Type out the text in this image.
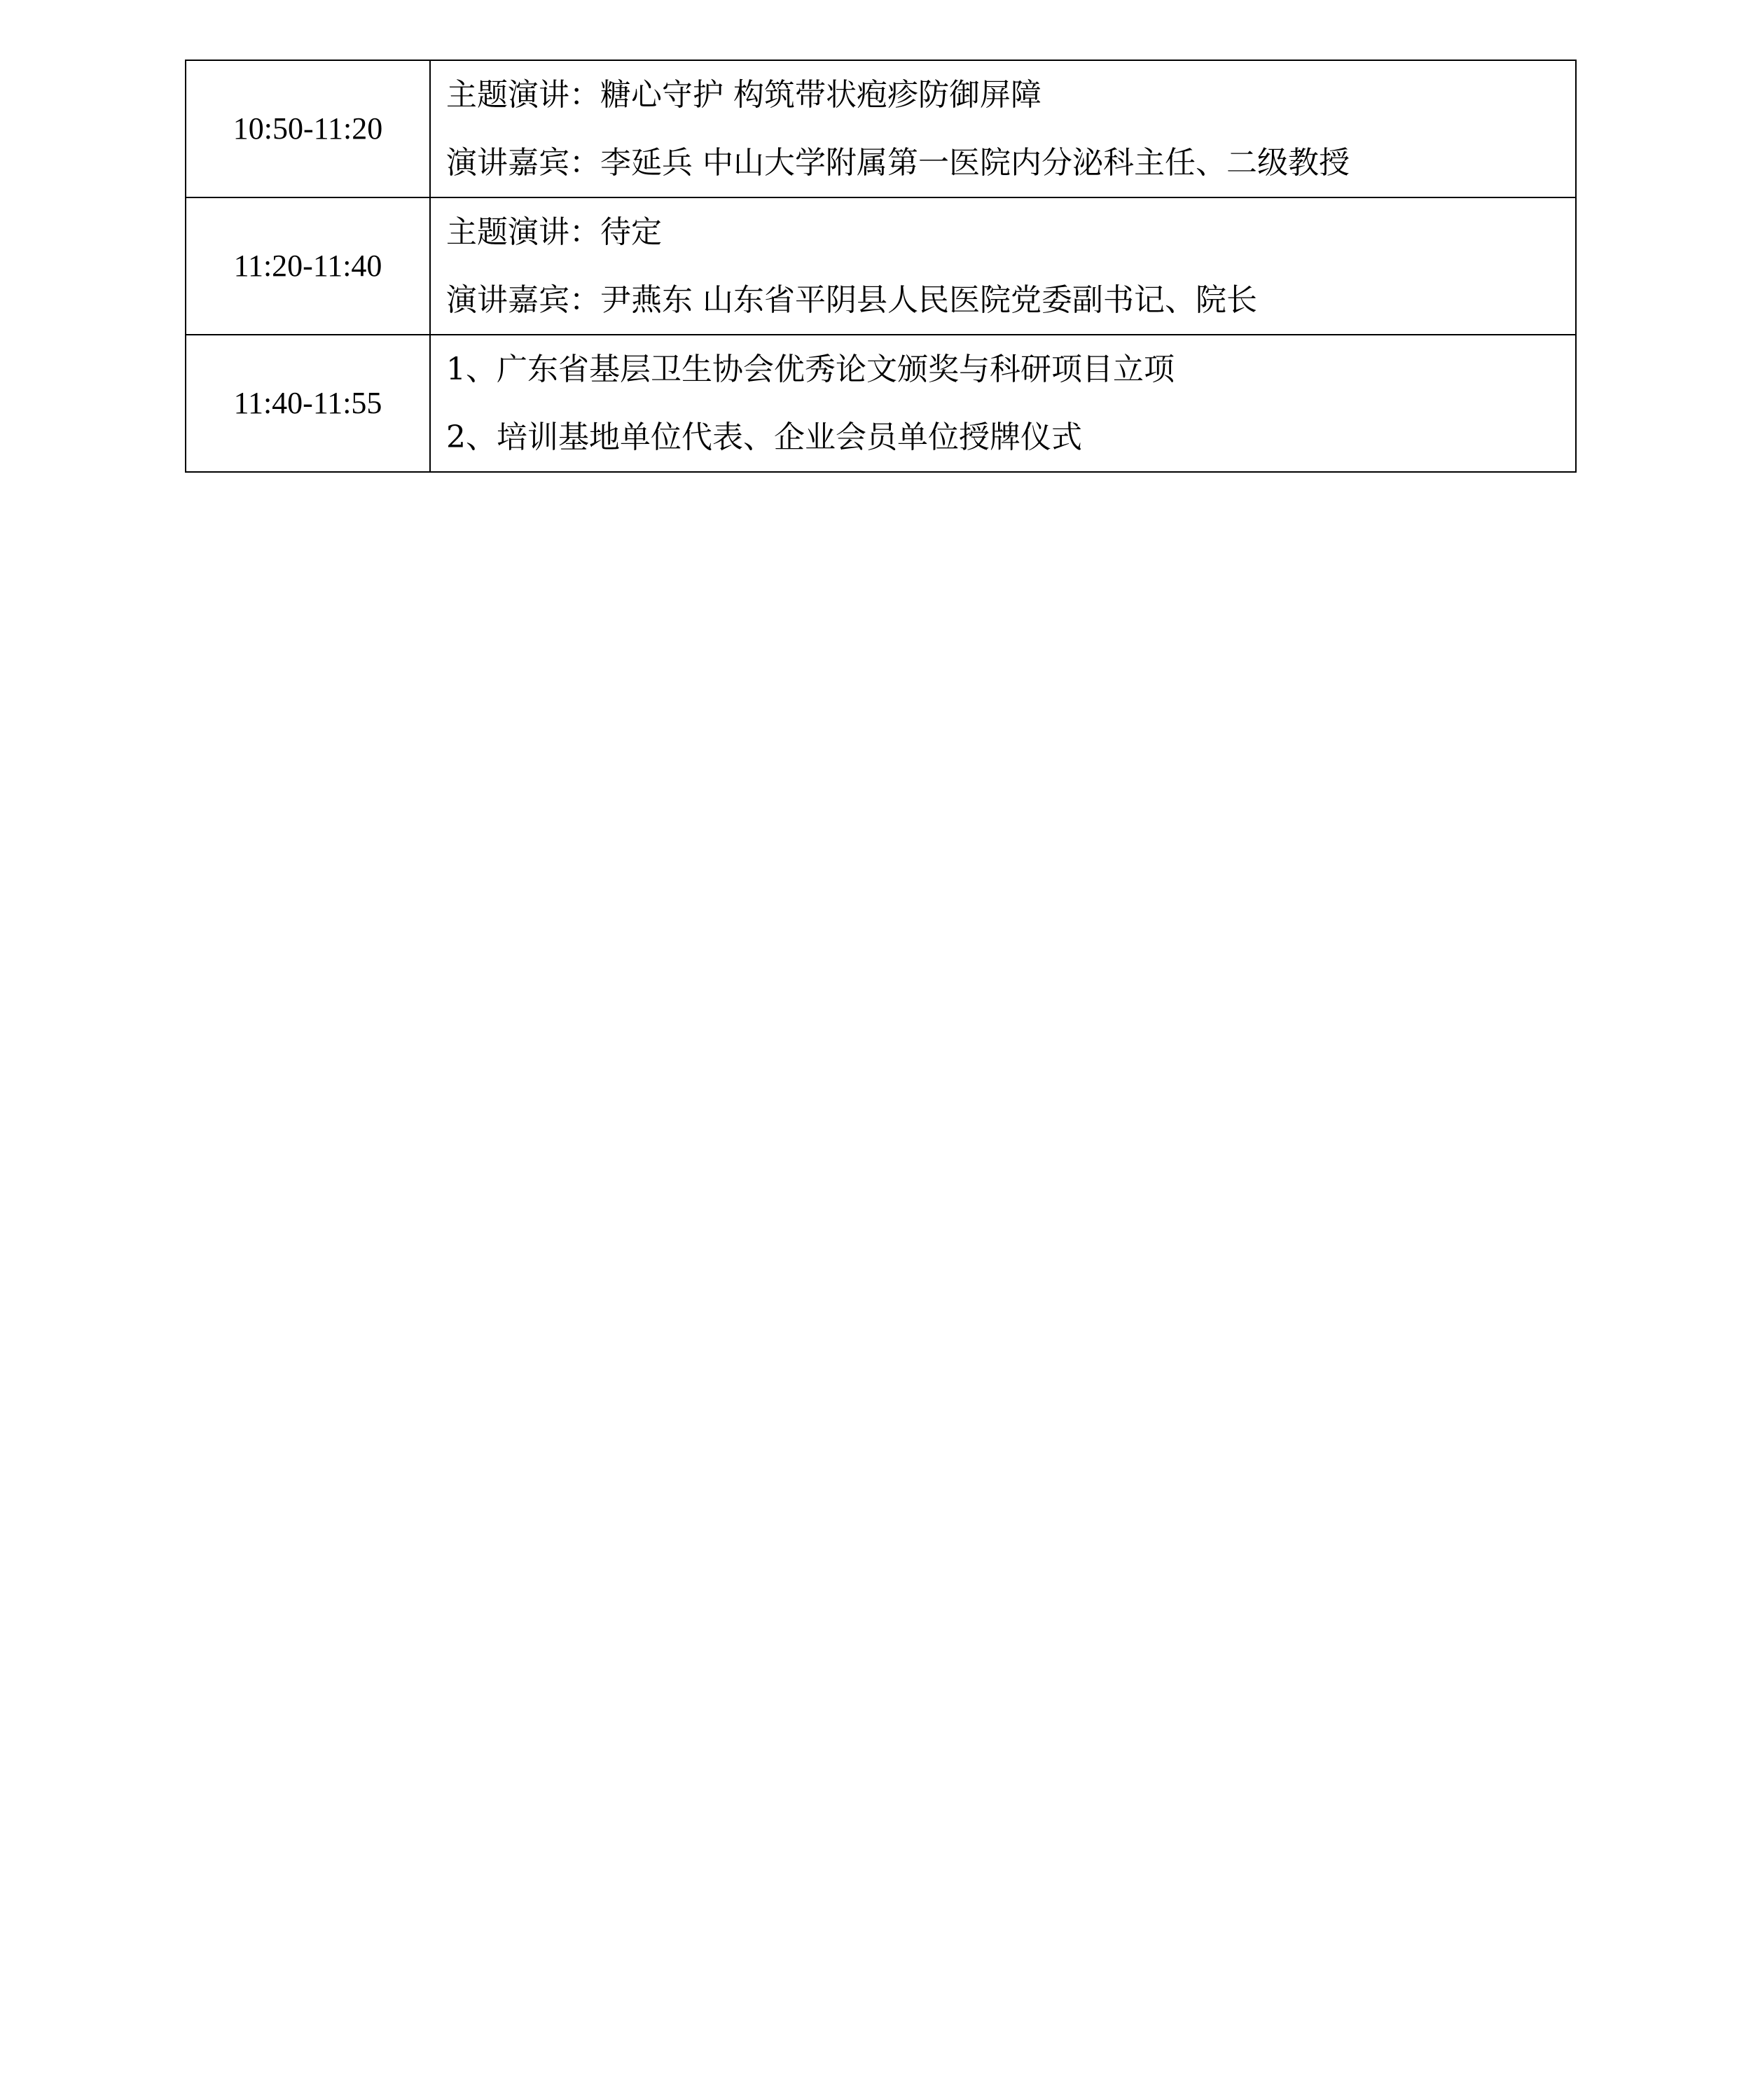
10:50-11:20	主题演讲：糖心守护 构筑带状疱疹防御屏障
演讲嘉宾：李延兵 中山大学附属第一医院内分泌科主任、二级教授

11:20-11:40	主题演讲：待定
演讲嘉宾：尹燕东 山东省平阴县人民医院党委副书记、院长

11:40-11:55	1、广东省基层卫生协会优秀论文颁奖与科研项目立项
2、培训基地单位代表、企业会员单位授牌仪式
